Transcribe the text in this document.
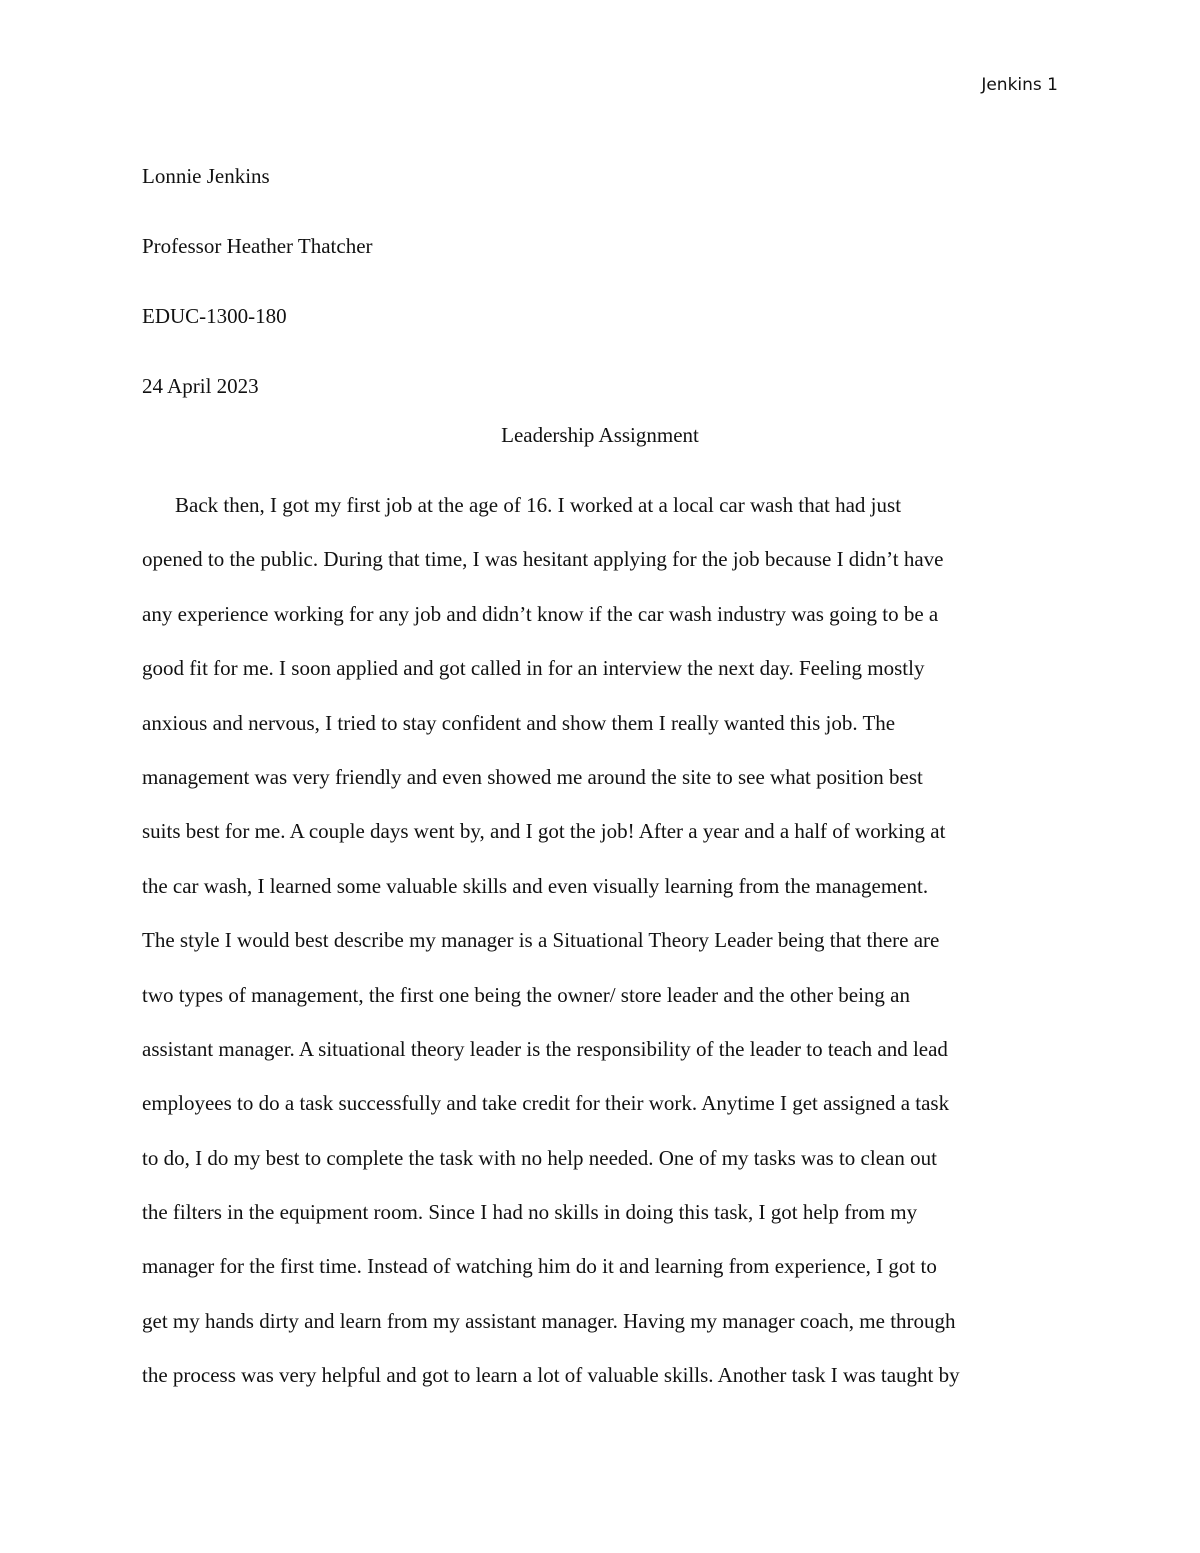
Jenkins 1
Lonnie Jenkins
Professor Heather Thatcher
EDUC-1300-180
24 April 2023
Leadership Assignment
Back then, I got my first job at the age of 16. I worked at a local car wash that had just
opened to the public. During that time, I was hesitant applying for the job because I didn’t have
any experience working for any job and didn’t know if the car wash industry was going to be a
good fit for me. I soon applied and got called in for an interview the next day. Feeling mostly
anxious and nervous, I tried to stay confident and show them I really wanted this job. The
management was very friendly and even showed me around the site to see what position best
suits best for me. A couple days went by, and I got the job! After a year and a half of working at
the car wash, I learned some valuable skills and even visually learning from the management.
The style I would best describe my manager is a Situational Theory Leader being that there are
two types of management, the first one being the owner/ store leader and the other being an
assistant manager. A situational theory leader is the responsibility of the leader to teach and lead
employees to do a task successfully and take credit for their work. Anytime I get assigned a task
to do, I do my best to complete the task with no help needed. One of my tasks was to clean out
the filters in the equipment room. Since I had no skills in doing this task, I got help from my
manager for the first time. Instead of watching him do it and learning from experience, I got to
get my hands dirty and learn from my assistant manager. Having my manager coach, me through
the process was very helpful and got to learn a lot of valuable skills. Another task I was taught by
